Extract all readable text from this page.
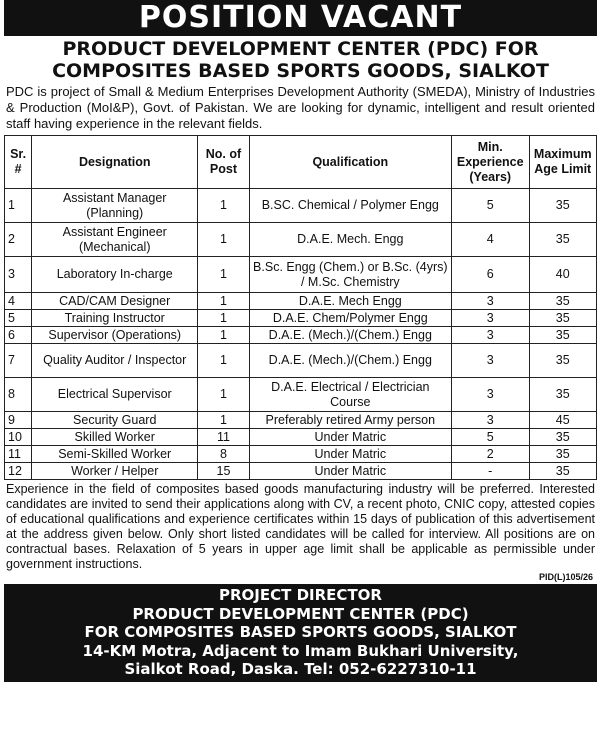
POSITION VACANT
PRODUCT DEVELOPMENT CENTER (PDC) FOR
COMPOSITES BASED SPORTS GOODS, SIALKOT

PDC is project of Small & Medium Enterprises Development Authority (SMEDA), Ministry of Industries & Production (MoI&P), Govt. of Pakistan. We are looking for dynamic, intelligent and result oriented staff having experience in the relevant fields.

Sr. #	Designation	No. of Post	Qualification	Min. Experience (Years)	Maximum Age Limit
1	Assistant Manager (Planning)	1	B.SC. Chemical / Polymer Engg	5	35
2	Assistant Engineer (Mechanical)	1	D.A.E. Mech. Engg	4	35
3	Laboratory In-charge	1	B.Sc. Engg (Chem.) or B.Sc. (4yrs) / M.Sc. Chemistry	6	40
4	CAD/CAM Designer	1	D.A.E. Mech Engg	3	35
5	Training Instructor	1	D.A.E. Chem/Polymer Engg	3	35
6	Supervisor (Operations)	1	D.A.E. (Mech.)/(Chem.) Engg	3	35
7	Quality Auditor / Inspector	1	D.A.E. (Mech.)/(Chem.) Engg	3	35
8	Electrical Supervisor	1	D.A.E. Electrical / Electrician Course	3	35
9	Security Guard	1	Preferably retired Army person	3	45
10	Skilled Worker	11	Under Matric	5	35
11	Semi-Skilled Worker	8	Under Matric	2	35
12	Worker / Helper	15	Under Matric	-	35

Experience in the field of composites based goods manufacturing industry will be preferred. Interested candidates are invited to send their applications along with CV, a recent photo, CNIC copy, attested copies of educational qualifications and experience certificates within 15 days of publication of this advertisement at the address given below. Only short listed candidates will be called for interview. All positions are on contractual bases. Relaxation of 5 years in upper age limit shall be applicable as permissible under government instructions.

PID(L)105/26
PROJECT DIRECTOR
PRODUCT DEVELOPMENT CENTER (PDC)
FOR COMPOSITES BASED SPORTS GOODS, SIALKOT
14-KM Motra, Adjacent to Imam Bukhari University,
Sialkot Road, Daska. Tel: 052-6227310-11
